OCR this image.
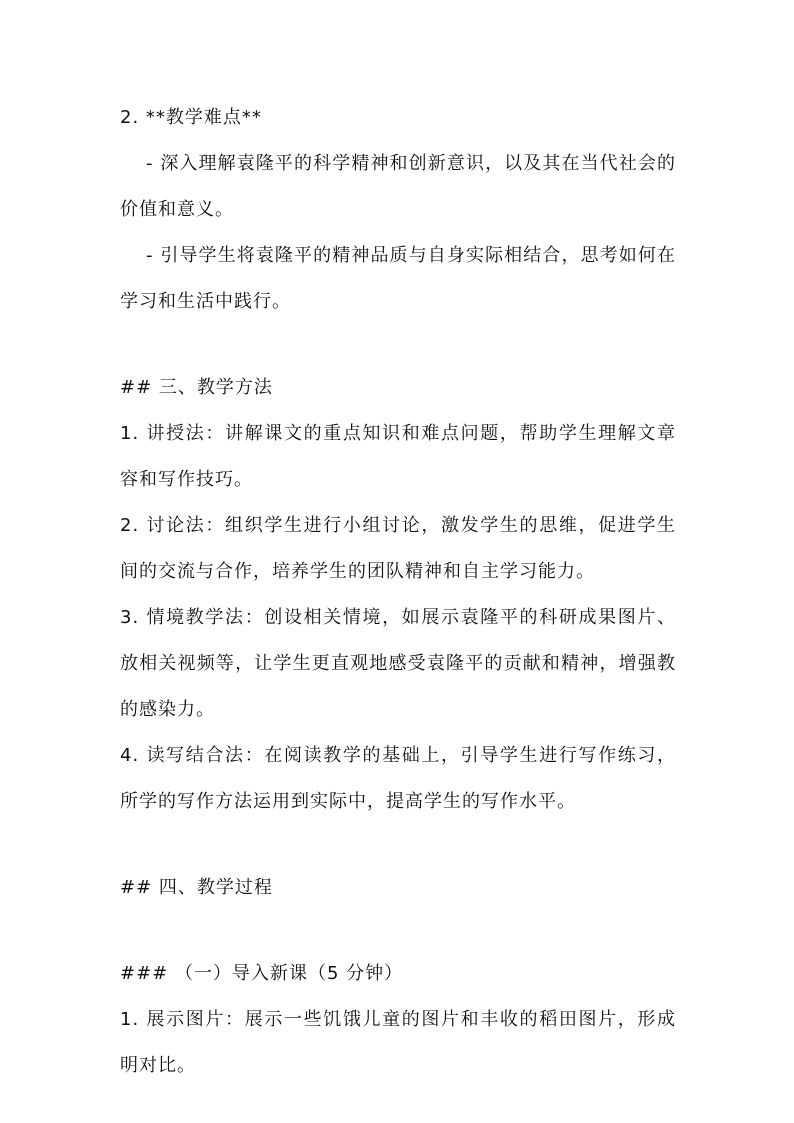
2. **教学难点**
- 深入理解袁隆平的科学精神和创新意识，以及其在当代社会的
价值和意义。
- 引导学生将袁隆平的精神品质与自身实际相结合，思考如何在
学习和生活中践行。
## 三、教学方法
1. 讲授法：讲解课文的重点知识和难点问题，帮助学生理解文章
容和写作技巧。
2. 讨论法：组织学生进行小组讨论，激发学生的思维，促进学生
间的交流与合作，培养学生的团队精神和自主学习能力。
3. 情境教学法：创设相关情境，如展示袁隆平的科研成果图片、
放相关视频等，让学生更直观地感受袁隆平的贡献和精神，增强教
的感染力。
4. 读写结合法：在阅读教学的基础上，引导学生进行写作练习，
所学的写作方法运用到实际中，提高学生的写作水平。
## 四、教学过程
### （一）导入新课（5 分钟）
1. 展示图片：展示一些饥饿儿童的图片和丰收的稻田图片，形成
明对比。
